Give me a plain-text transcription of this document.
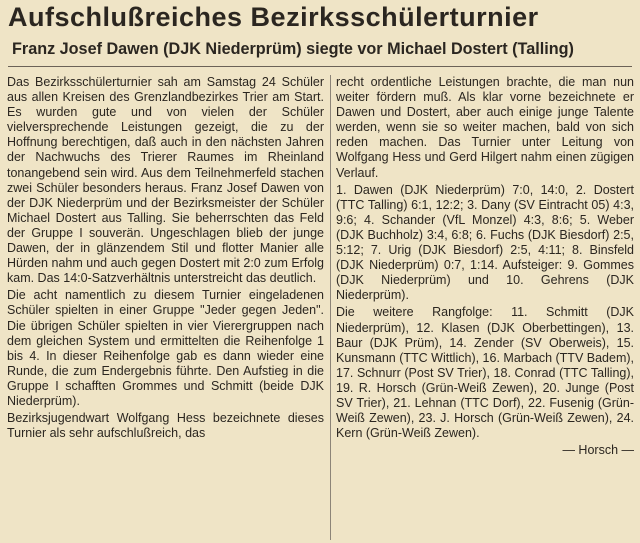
Aufschlußreiches Bezirksschülerturnier
Franz Josef Dawen (DJK Niederprüm) siegte vor Michael Dostert (Talling)

Das Bezirksschülerturnier sah am Samstag 24 Schüler aus allen Kreisen des Grenzlandbezirkes Trier am Start. Es wurden gute und von vielen der Schüler vielversprechende Leistungen gezeigt, die zu der Hoffnung berechtigen, daß auch in den nächsten Jahren der Nachwuchs des Trierer Raumes im Rheinland tonangebend sein wird. Aus dem Teilnehmerfeld stachen zwei Schüler besonders heraus. Franz Josef Dawen von der DJK Niederprüm und der Bezirksmeister der Schüler Michael Dostert aus Talling. Sie beherrschten das Feld der Gruppe I souverän. Ungeschlagen blieb der junge Dawen, der in glänzendem Stil und flotter Manier alle Hürden nahm und auch gegen Dostert mit 2:0 zum Erfolg kam. Das 14:0-Satzverhältnis unterstreicht das deutlich.

Die acht namentlich zu diesem Turnier eingeladenen Schüler spielten in einer Gruppe "Jeder gegen Jeden". Die übrigen Schüler spielten in vier Vierergruppen nach dem gleichen System und ermittelten die Reihenfolge 1 bis 4. In dieser Reihenfolge gab es dann wieder eine Runde, die zum Endergebnis führte. Den Aufstieg in die Gruppe I schafften Grommes und Schmitt (beide DJK Niederprüm).

Bezirksjugendwart Wolfgang Hess bezeichnete dieses Turnier als sehr aufschlußreich, das

recht ordentliche Leistungen brachte, die man nun weiter fördern muß. Als klar vorne bezeichnete er Dawen und Dostert, aber auch einige junge Talente werden, wenn sie so weiter machen, bald von sich reden machen. Das Turnier unter Leitung von Wolfgang Hess und Gerd Hilgert nahm einen zügigen Verlauf.

1. Dawen (DJK Niederprüm) 7:0, 14:0, 2. Dostert (TTC Talling) 6:1, 12:2; 3. Dany (SV Eintracht 05) 4:3, 9:6; 4. Schander (VfL Monzel) 4:3, 8:6; 5. Weber (DJK Buchholz) 3:4, 6:8; 6. Fuchs (DJK Biesdorf) 2:5, 5:12; 7. Urig (DJK Biesdorf) 2:5, 4:11; 8. Binsfeld (DJK Niederprüm) 0:7, 1:14. Aufsteiger: 9. Gommes (DJK Niederprüm) und 10. Gehrens (DJK Niederprüm).

Die weitere Rangfolge: 11. Schmitt (DJK Niederprüm), 12. Klasen (DJK Oberbettingen), 13. Baur (DJK Prüm), 14. Zender (SV Oberweis), 15. Kunsmann (TTC Wittlich), 16. Marbach (TTV Badem), 17. Schnurr (Post SV Trier), 18. Conrad (TTC Talling), 19. R. Horsch (Grün-Weiß Zewen), 20. Junge (Post SV Trier), 21. Lehnan (TTC Dorf), 22. Fusenig (Grün-Weiß Zewen), 23. J. Horsch (Grün-Weiß Zewen), 24. Kern (Grün-Weiß Zewen).

— Horsch —
